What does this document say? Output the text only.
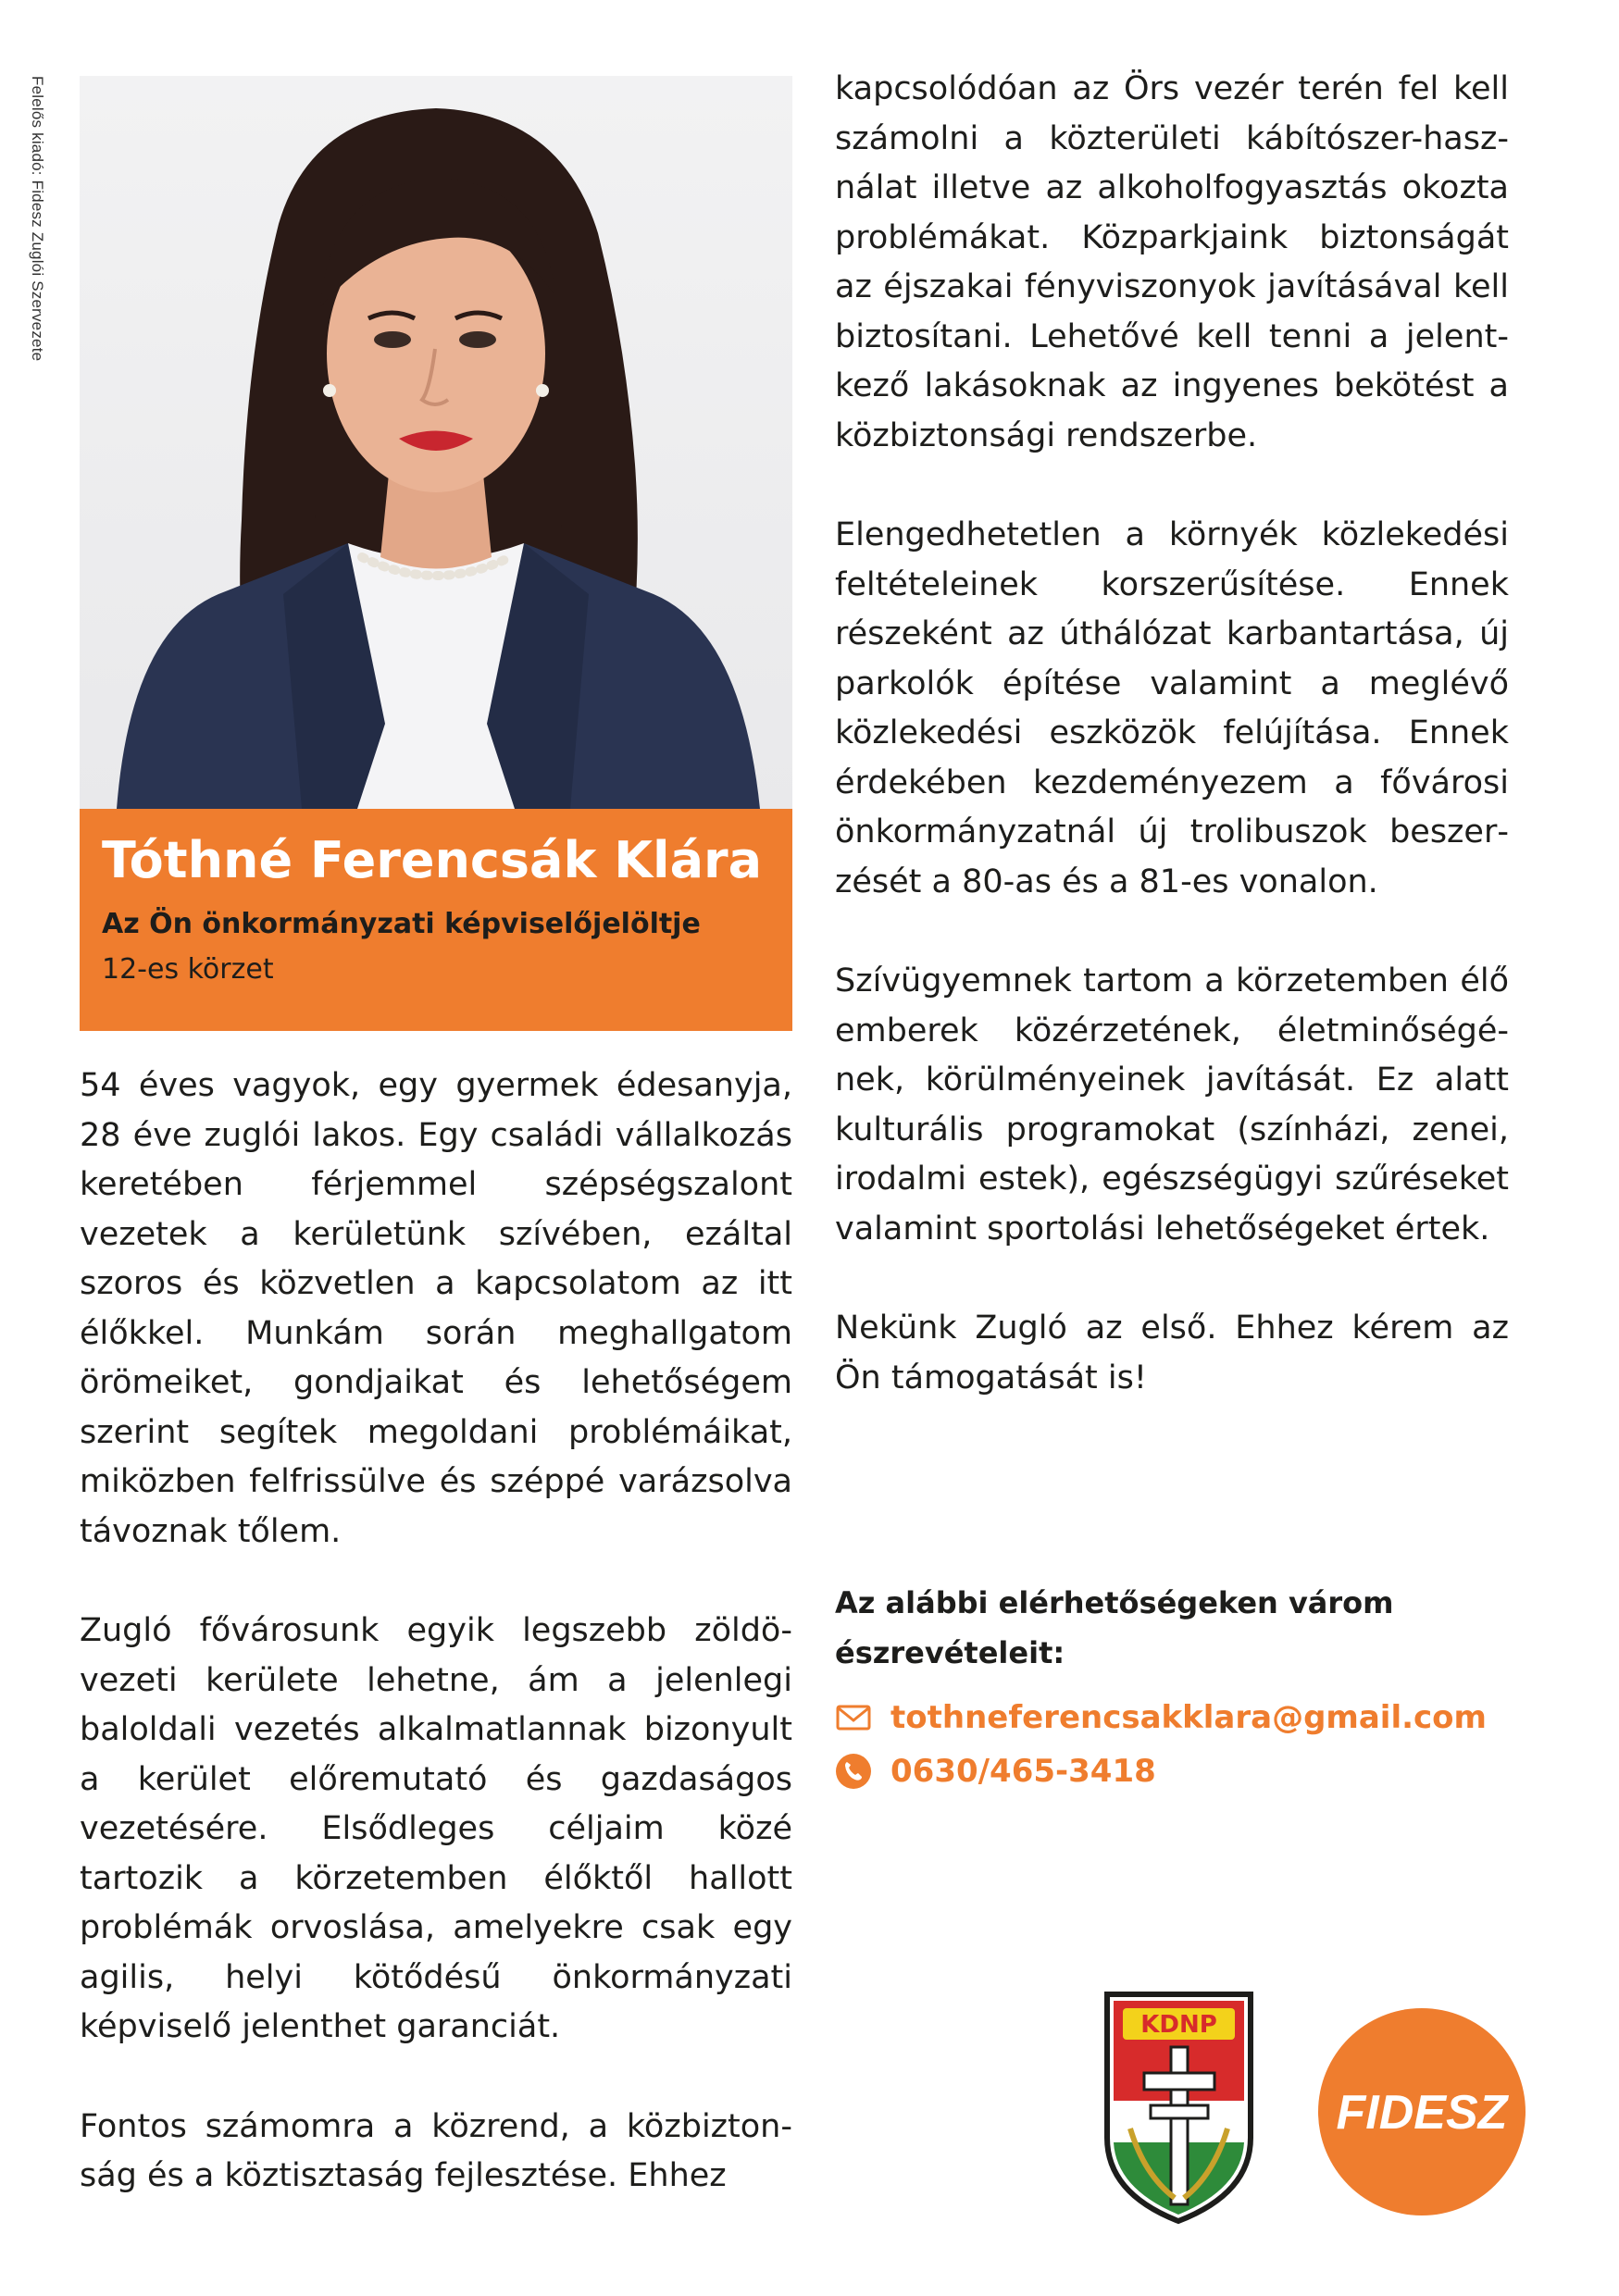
Felelős kiadó: Fidesz Zuglói Szervezete
Tóthné Ferencsák Klára
Az Ön önkormányzati képviselőjelöltje
12-es körzet

54 éves vagyok, egy gyermek édesanyja, 28 éve zuglói lakos. Egy családi vállalkozás keretében férjemmel szépségszalont vezetek a kerületünk szívében, ezáltal szoros és közvetlen a kapcsolatom az itt élőkkel. Munkám során meghallgatom örömeiket, gondjaikat és lehetőségem szerint segítek megoldani problémáikat, miközben felfrissülve és széppé varázsolva távoznak tőlem.

Zugló fővárosunk egyik legszebb zöldövezeti kerülete lehetne, ám a jelenlegi baloldali vezetés alkalmatlannak bizonyult a kerület előremutató és gazdaságos vezetésére. Elsődleges céljaim közé tartozik a körzetemben élőktől hallott problémák orvoslása, amelyekre csak egy agilis, helyi kötődésű önkormányzati képviselő jelenthet garanciát.

Fontos számomra a közrend, a közbiztonság és a köztisztaság fejlesztése. Ehhez

kapcsolódóan az Örs vezér terén fel kell számolni a közterületi kábítószer-használat illetve az alkoholfogyasztás okozta problémákat. Közparkjaink biztonságát az éjszakai fényviszonyok javításával kell biztosítani. Lehetővé kell tenni a jelentkező lakásoknak az ingyenes bekötést a közbiztonsági rendszerbe.

Elengedhetetlen a környék közlekedési feltételeinek korszerűsítése. Ennek részeként az úthálózat karbantartása, új parkolók építése valamint a meglévő közlekedési eszközök felújítása. Ennek érdekében kezdeményezem a fővárosi önkormányzatnál új trolibuszok beszerzését a 80-as és a 81-es vonalon.

Szívügyemnek tartom a körzetemben élő emberek közérzetének, életminőségének, körülményeinek javítását. Ez alatt kulturális programokat (színházi, zenei, irodalmi estek), egészségügyi szűréseket valamint sportolási lehetőségeket értek.

Nekünk Zugló az első. Ehhez kérem az Ön támogatását is!

Az alábbi elérhetőségeken várom észrevételeit:
tothneferencsakklara@gmail.com
0630/465-3418
KDNP
FIDESZ
